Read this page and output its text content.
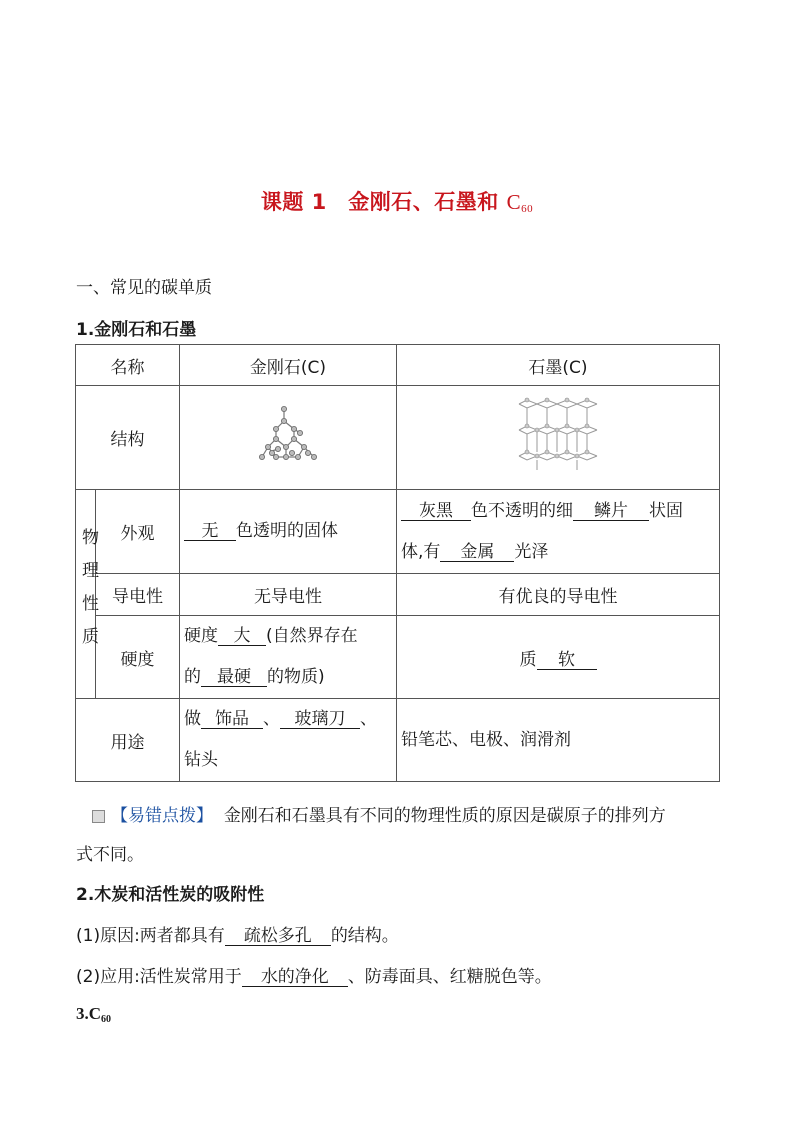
课题 1　金刚石、石墨和 $C_{60}$
一、常见的碳单质
1.金刚石和石墨
名称		金刚石(C)	石墨(C)
结构		

物理性质	外观	无 色透明的固体	灰黑 色不透明的细 鳞片 状固
体,有 金属 光泽
	导电性	无导电性	有优良的导电性
	硬度	硬度 大 (自然界存在
的 最硬 的物质)	质 软
用途		做 饰品 、 玻璃刀 、
钻头	铅笔芯、电极、润滑剂
【易错点拨】 金刚石和石墨具有不同的物理性质的原因是碳原子的排列方
式不同。
2.木炭和活性炭的吸附性
(1)原因:两者都具有 疏松多孔 的结构。
(2)应用:活性炭常用于 水的净化 、防毒面具、红糖脱色等。
$3.C_{60}$
